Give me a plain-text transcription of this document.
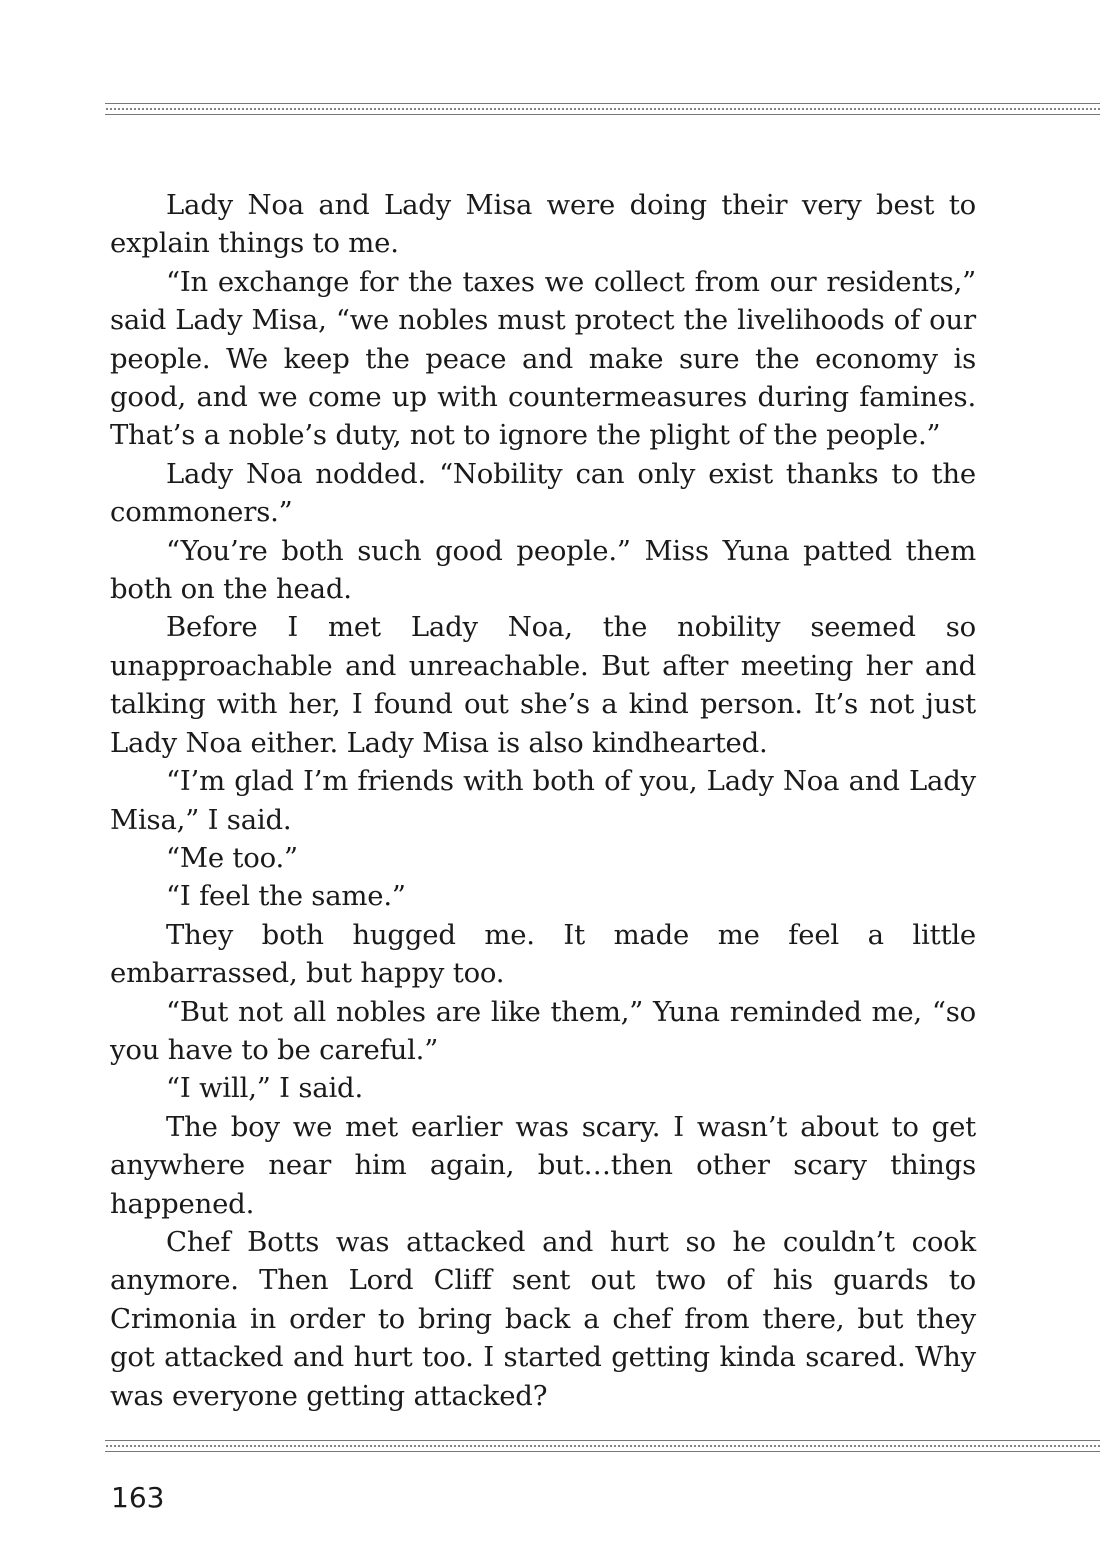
Lady Noa and Lady Misa were doing their very best to explain things to me.

“In exchange for the taxes we collect from our residents,” said Lady Misa, “we nobles must protect the livelihoods of our people. We keep the peace and make sure the economy is good, and we come up with countermeasures during famines. That’s a noble’s duty, not to ignore the plight of the people.”

Lady Noa nodded. “Nobility can only exist thanks to the commoners.”

“You’re both such good people.” Miss Yuna patted them both on the head.

Before I met Lady Noa, the nobility seemed so unapproachable and unreachable. But after meeting her and talking with her, I found out she’s a kind person. It’s not just Lady Noa either. Lady Misa is also kindhearted.

“I’m glad I’m friends with both of you, Lady Noa and Lady Misa,” I said.

“Me too.”

“I feel the same.”

They both hugged me. It made me feel a little embarrassed, but happy too.

“But not all nobles are like them,” Yuna reminded me, “so you have to be careful.”

“I will,” I said.

The boy we met earlier was scary. I wasn’t about to get anywhere near him again, but…then other scary things happened.

Chef Botts was attacked and hurt so he couldn’t cook anymore. Then Lord Cliff sent out two of his guards to Crimonia in order to bring back a chef from there, but they got attacked and hurt too. I started getting kinda scared. Why was everyone getting attacked?

163
